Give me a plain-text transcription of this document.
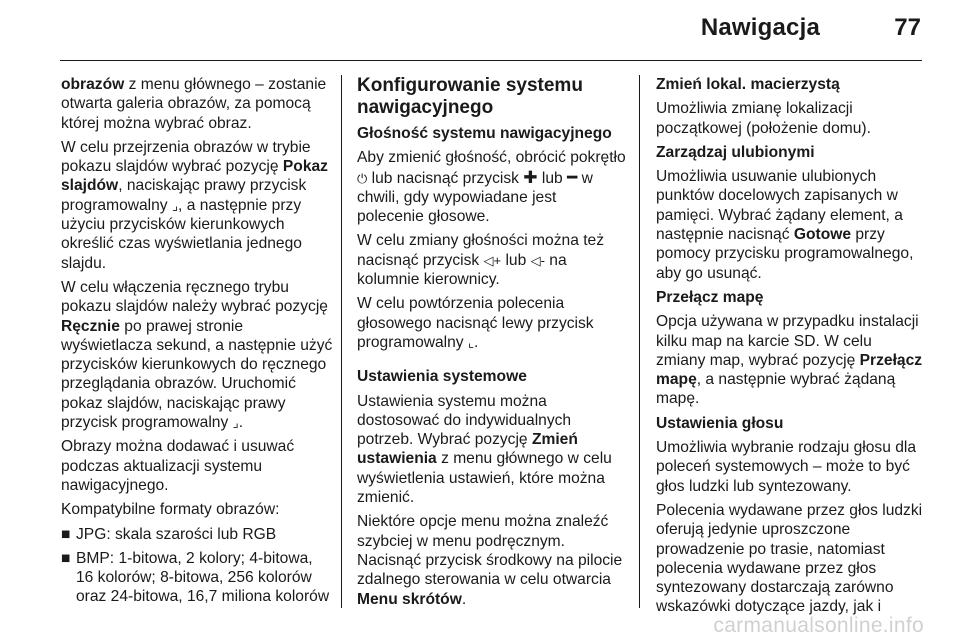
Nawigacja	77

obrazów z menu głównego – zostanie otwarta galeria obrazów, za pomocą której można wybrać obraz.

W celu przejrzenia obrazów w trybie pokazu slajdów wybrać pozycję Pokaz slajdów, naciskając prawy przycisk programowalny ⌟, a następnie przy użyciu przycisków kierunkowych określić czas wyświetlania jednego slajdu.

W celu włączenia ręcznego trybu pokazu slajdów należy wybrać pozycję Ręcznie po prawej stronie wyświetlacza sekund, a następnie użyć przycisków kierunkowych do ręcznego przeglądania obrazów. Uruchomić pokaz slajdów, naciskając prawy przycisk programowalny ⌟.

Obrazy można dodawać i usuwać podczas aktualizacji systemu nawigacyjnego.

Kompatybilne formaty obrazów:

■ JPG: skala szarości lub RGB
■ BMP: 1-bitowa, 2 kolory; 4-bitowa, 16 kolorów; 8-bitowa, 256 kolorów oraz 24-bitowa, 16,7 miliona kolorów

Konfigurowanie systemu nawigacyjnego

Głośność systemu nawigacyjnego

Aby zmienić głośność, obrócić pokrętło ⏻ lub nacisnąć przycisk ✚ lub ━ w chwili, gdy wypowiadane jest polecenie głosowe.

W celu zmiany głośności można też nacisnąć przycisk ◁+ lub ◁- na kolumnie kierownicy.

W celu powtórzenia polecenia głosowego nacisnąć lewy przycisk programowalny ⌞.

Ustawienia systemowe

Ustawienia systemu można dostosować do indywidualnych potrzeb. Wybrać pozycję Zmień ustawienia z menu głównego w celu wyświetlenia ustawień, które można zmienić.

Niektóre opcje menu można znaleźć szybciej w menu podręcznym. Nacisnąć przycisk środkowy na pilocie zdalnego sterowania w celu otwarcia Menu skrótów.

Zmień lokal. macierzystą

Umożliwia zmianę lokalizacji początkowej (położenie domu).

Zarządzaj ulubionymi

Umożliwia usuwanie ulubionych punktów docelowych zapisanych w pamięci. Wybrać żądany element, a następnie nacisnąć Gotowe przy pomocy przycisku programowalnego, aby go usunąć.

Przełącz mapę

Opcja używana w przypadku instalacji kilku map na karcie SD. W celu zmiany map, wybrać pozycję Przełącz mapę, a następnie wybrać żądaną mapę.

Ustawienia głosu

Umożliwia wybranie rodzaju głosu dla poleceń systemowych – może to być głos ludzki lub syntezowany.

Polecenia wydawane przez głos ludzki oferują jedynie uproszczone prowadzenie po trasie, natomiast polecenia wydawane przez głos syntezowany dostarczają zarówno wskazówki dotyczące jazdy, jak i

carmanualsonline.info
